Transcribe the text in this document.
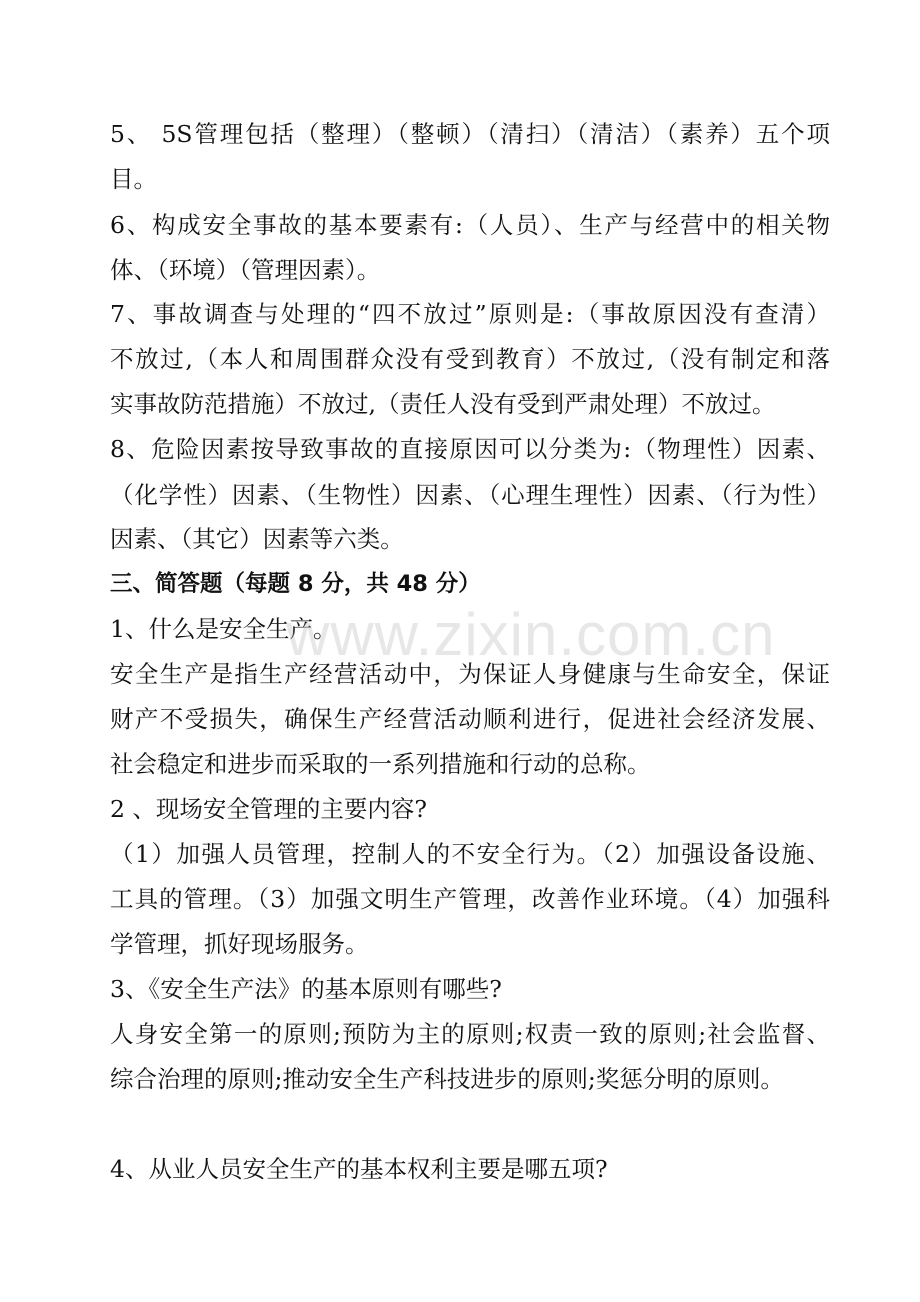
5、 5S管理包括（整理）（整顿）（清扫）（清洁）（素养）五个项
目。
6、构成安全事故的基本要素有:（人员）、生产与经营中的相关物
体、（环境）（管理因素）。
7、事故调查与处理的“四不放过”原则是:（事故原因没有查清）
不放过,（本人和周围群众没有受到教育）不放过,（没有制定和落
实事故防范措施）不放过,（责任人没有受到严肃处理）不放过。
8、危险因素按导致事故的直接原因可以分类为:（物理性）因素、
（化学性）因素、（生物性）因素、（心理生理性）因素、（行为性）
因素、（其它）因素等六类。
三、简答题（每题 8 分，共 48 分）
1、什么是安全生产。
安全生产是指生产经营活动中，为保证人身健康与生命安全，保证
财产不受损失，确保生产经营活动顺利进行，促进社会经济发展、
社会稳定和进步而采取的一系列措施和行动的总称。
2 、现场安全管理的主要内容?
（1）加强人员管理，控制人的不安全行为。（2）加强设备设施、
工具的管理。（3）加强文明生产管理，改善作业环境。（4）加强科
学管理，抓好现场服务。
3、《安全生产法》的基本原则有哪些?
人身安全第一的原则;预防为主的原则;权责一致的原则;社会监督、
综合治理的原则;推动安全生产科技进步的原则;奖惩分明的原则。
4、从业人员安全生产的基本权利主要是哪五项?
www.zixin.com.cn
